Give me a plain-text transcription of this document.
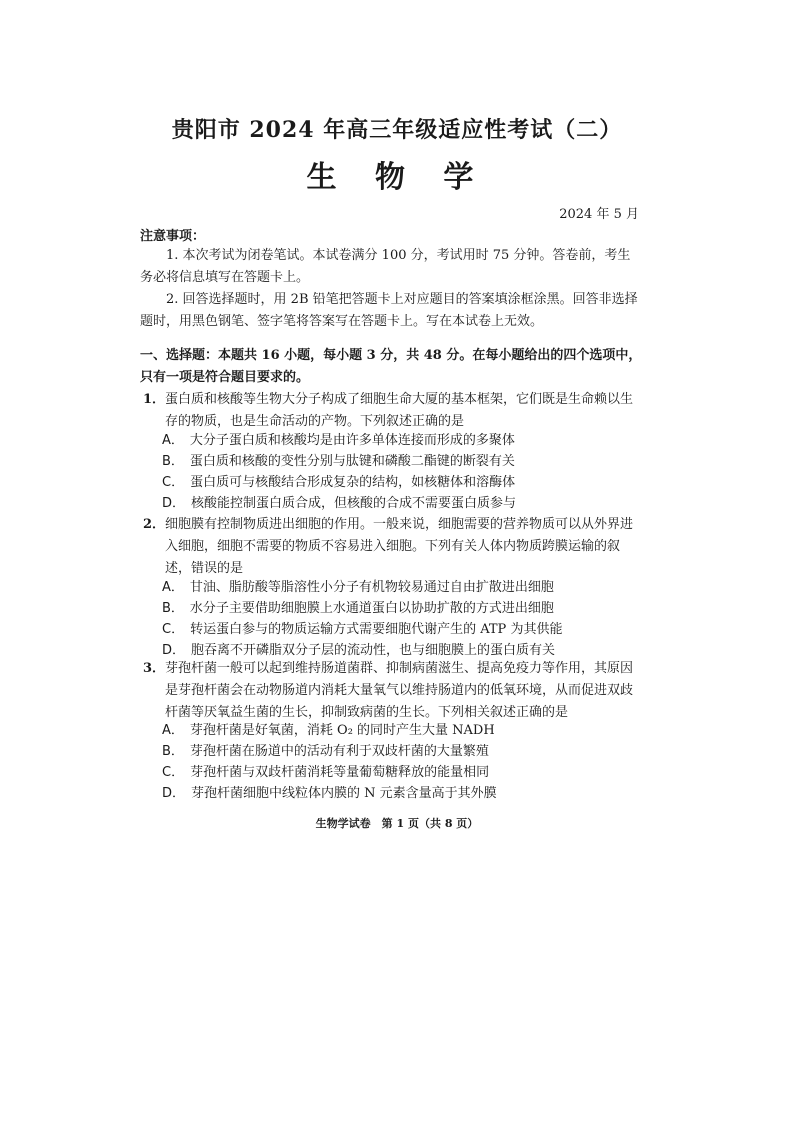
贵阳市 2024 年高三年级适应性考试（二）
生 物 学
2024 年 5 月
注意事项：
1. 本次考试为闭卷笔试。本试卷满分 100 分，考试用时 75 分钟。答卷前，考生务必将信息填写在答题卡上。
2. 回答选择题时，用 2B 铅笔把答题卡上对应题目的答案填涂框涂黑。回答非选择题时，用黑色钢笔、签字笔将答案写在答题卡上。写在本试卷上无效。
一、选择题：本题共 16 小题，每小题 3 分，共 48 分。在每小题给出的四个选项中，只有一项是符合题目要求的。
1．蛋白质和核酸等生物大分子构成了细胞生命大厦的基本框架，它们既是生命赖以生存的物质，也是生命活动的产物。下列叙述正确的是
A． 大分子蛋白质和核酸均是由许多单体连接而形成的多聚体
B． 蛋白质和核酸的变性分别与肽键和磷酸二酯键的断裂有关
C． 蛋白质可与核酸结合形成复杂的结构，如核糖体和溶酶体
D． 核酸能控制蛋白质合成，但核酸的合成不需要蛋白质参与
2．细胞膜有控制物质进出细胞的作用。一般来说，细胞需要的营养物质可以从外界进入细胞，细胞不需要的物质不容易进入细胞。下列有关人体内物质跨膜运输的叙述，错误的是
A． 甘油、脂肪酸等脂溶性小分子有机物较易通过自由扩散进出细胞
B． 水分子主要借助细胞膜上水通道蛋白以协助扩散的方式进出细胞
C． 转运蛋白参与的物质运输方式需要细胞代谢产生的 ATP 为其供能
D． 胞吞离不开磷脂双分子层的流动性，也与细胞膜上的蛋白质有关
3．芽孢杆菌一般可以起到维持肠道菌群、抑制病菌滋生、提高免疫力等作用，其原因是芽孢杆菌会在动物肠道内消耗大量氧气以维持肠道内的低氧环境，从而促进双歧杆菌等厌氧益生菌的生长，抑制致病菌的生长。下列相关叙述正确的是
A． 芽孢杆菌是好氧菌，消耗 O₂ 的同时产生大量 NADH
B． 芽孢杆菌在肠道中的活动有利于双歧杆菌的大量繁殖
C． 芽孢杆菌与双歧杆菌消耗等量葡萄糖释放的能量相同
D． 芽孢杆菌细胞中线粒体内膜的 N 元素含量高于其外膜
生物学试卷　第 1 页（共 8 页）
